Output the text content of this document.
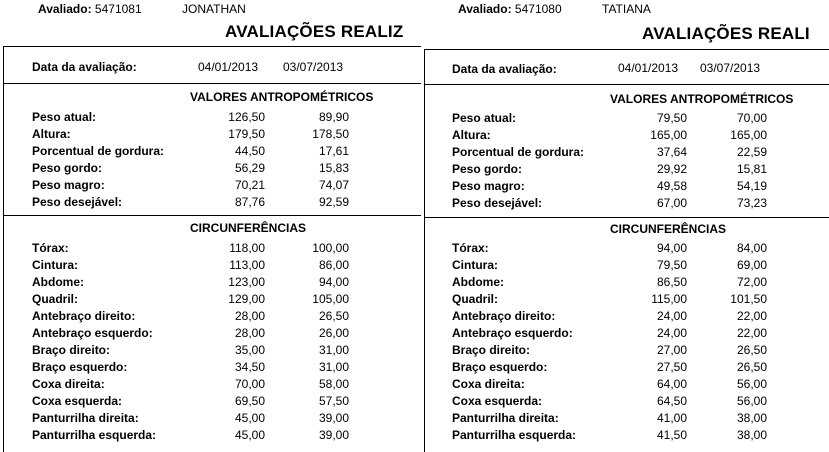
Avaliado: 5471081	JONATHAN
AVALIAÇÕES REALIZ
Data da avaliação:	04/01/2013 03/07/2013
VALORES ANTROPOMÉTRICOS
Peso atual:	126,50	89,90
Altura:	179,50	178,50
Porcentual de gordura:	44,50	17,61
Peso gordo:	56,29	15,83
Peso magro:	70,21	74,07
Peso desejável:	87,76	92,59
CIRCUNFERÊNCIAS
Tórax:	118,00	100,00
Cintura:	113,00	86,00
Abdome:	123,00	94,00
Quadril:	129,00	105,00
Antebraço direito:	28,00	26,50
Antebraço esquerdo:	28,00	26,00
Braço direito:	35,00	31,00
Braço esquerdo:	34,50	31,00
Coxa direita:	70,00	58,00
Coxa esquerda:	69,50	57,50
Panturrilha direita:	45,00	39,00
Panturrilha esquerda:	45,00	39,00
Avaliado: 5471080	TATIANA
AVALIAÇÕES REALI
Data da avaliação:	04/01/2013 03/07/2013
VALORES ANTROPOMÉTRICOS
Peso atual:	79,50	70,00
Altura:	165,00	165,00
Porcentual de gordura:	37,64	22,59
Peso gordo:	29,92	15,81
Peso magro:	49,58	54,19
Peso desejável:	67,00	73,23
CIRCUNFERÊNCIAS
Tórax:	94,00	84,00
Cintura:	79,50	69,00
Abdome:	86,50	72,00
Quadril:	115,00	101,50
Antebraço direito:	24,00	22,00
Antebraço esquerdo:	24,00	22,00
Braço direito:	27,00	26,50
Braço esquerdo:	27,50	26,50
Coxa direita:	64,00	56,00
Coxa esquerda:	64,50	56,00
Panturrilha direita:	41,00	38,00
Panturrilha esquerda:	41,50	38,00
